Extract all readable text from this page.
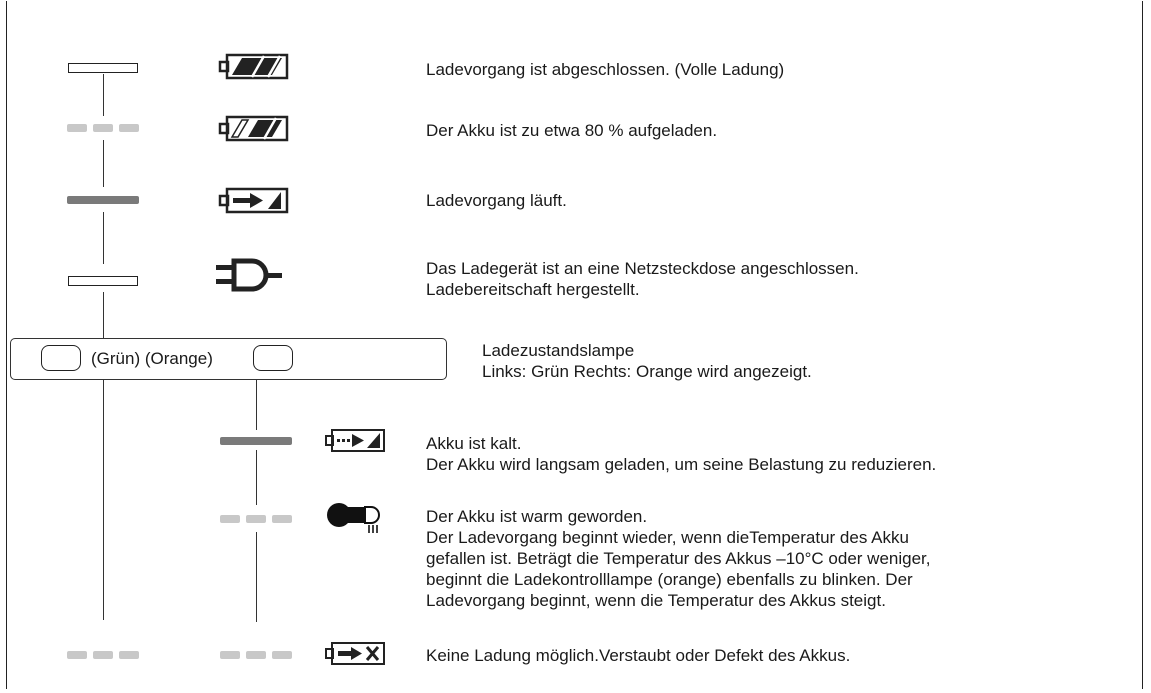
(Grün) (Orange)	Ladezustandslampe
Links: Grün Rechts: Orange wird angezeigt.
Ladevorgang ist abgeschlossen. (Volle Ladung)
Der Akku ist zu etwa 80 % aufgeladen.
Ladevorgang läuft.
Das Ladegerät ist an eine Netzsteckdose angeschlossen.
Ladebereitschaft hergestellt.
Akku ist kalt.
Der Akku wird langsam geladen, um seine Belastung zu reduzieren.
Der Akku ist warm geworden.
Der Ladevorgang beginnt wieder, wenn dieTemperatur des Akku
gefallen ist. Beträgt die Temperatur des Akkus –10°C oder weniger,
beginnt die Ladekontrolllampe (orange) ebenfalls zu blinken. Der
Ladevorgang beginnt, wenn die Temperatur des Akkus steigt.
Keine Ladung möglich.Verstaubt oder Defekt des Akkus.
